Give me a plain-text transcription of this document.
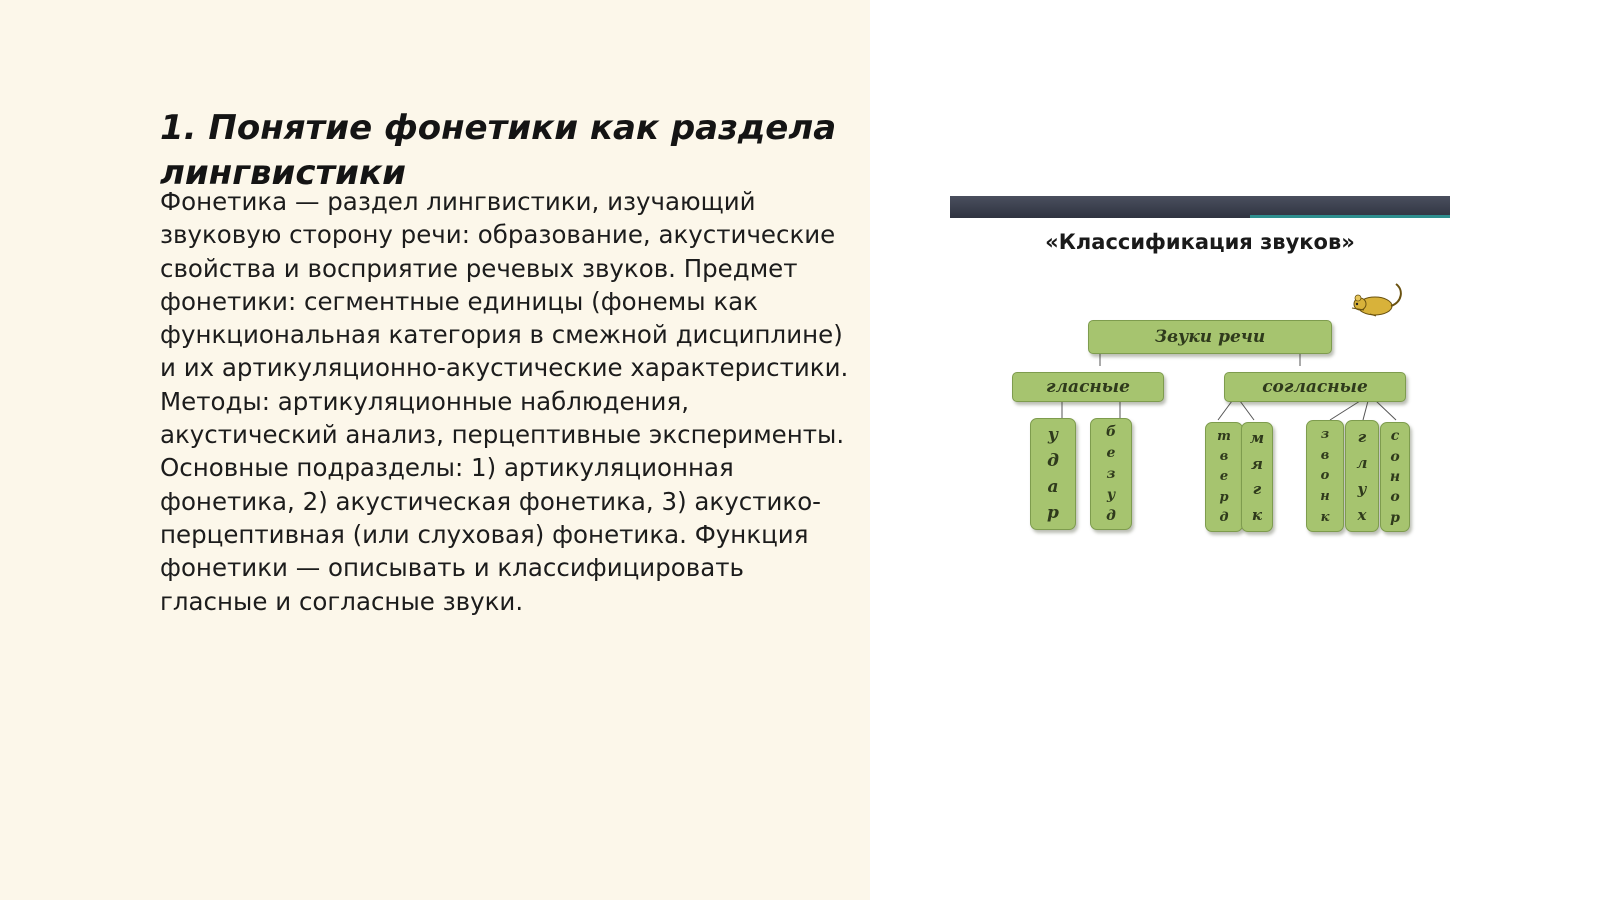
1. Понятие фонетики как раздела лингвистики

Фонетика — раздел лингвистики, изучающий звуковую сторону речи: образование, акустические свойства и восприятие речевых звуков. Предмет фонетики: сегментные единицы (фонемы как функциональная категория в смежной дисциплине) и их артикуляционно-акустические характеристики. Методы: артикуляционные наблюдения, акустический анализ, перцептивные эксперименты. Основные подразделы: 1) артикуляционная фонетика, 2) акустическая фонетика, 3) акустико-перцептивная (или слуховая) фонетика. Функция фонетики — описывать и классифицировать гласные и согласные звуки.

«Классификация звуков»
Звуки речи
гласные	согласные
у
д
а
р
б
е
з
у
д
т
в
е
р
д
м
я
г
к
з
в
о
н
к
г
л
у
х
с
о
н
о
р
